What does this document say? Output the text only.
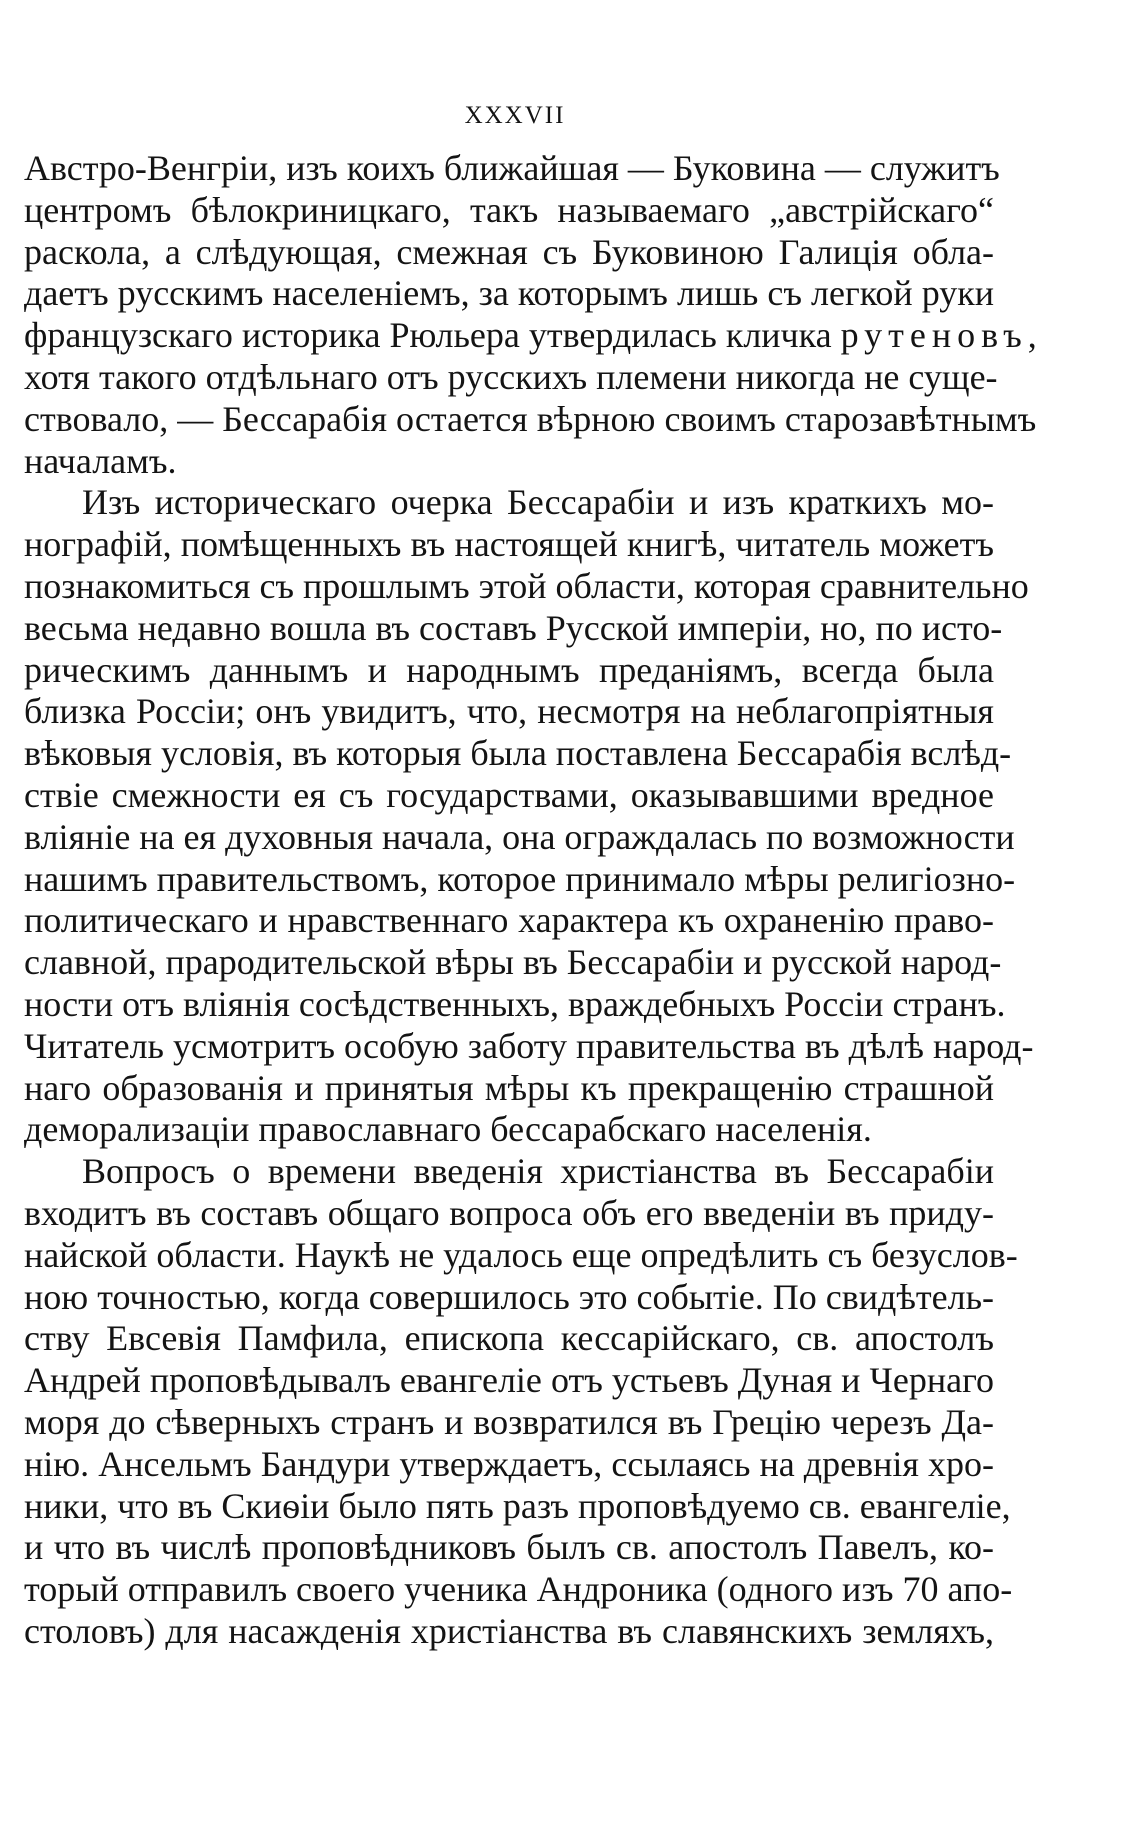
XXXVII
Австро-Венгріи, изъ коихъ ближайшая — Буковина — служитъ
центромъ бѣлокриницкаго, такъ называемаго „австрійскаго“
раскола, а слѣдующая, смежная съ Буковиною Галиція обла-
даетъ русскимъ населеніемъ, за которымъ лишь съ легкой руки
французскаго историка Рюльера утвердилась кличка рутеновъ,
хотя такого отдѣльнаго отъ русскихъ племени никогда не суще-
ствовало, — Бессарабія остается вѣрною своимъ старозавѣтнымъ
началамъ.
Изъ историческаго очерка Бессарабіи и изъ краткихъ мо-
нографій, помѣщенныхъ въ настоящей книгѣ, читатель можетъ
познакомиться съ прошлымъ этой области, которая сравнительно
весьма недавно вошла въ составъ Русской имперіи, но, по исто-
рическимъ даннымъ и народнымъ преданіямъ, всегда была
близка Россіи; онъ увидитъ, что, несмотря на неблагопріятныя
вѣковыя условія, въ которыя была поставлена Бессарабія вслѣд-
ствіе смежности ея съ государствами, оказывавшими вредное
вліяніе на ея духовныя начала, она ограждалась по возможности
нашимъ правительствомъ, которое принимало мѣры религіозно-
политическаго и нравственнаго характера къ охраненію право-
славной, прародительской вѣры въ Бессарабіи и русской народ-
ности отъ вліянія сосѣдственныхъ, враждебныхъ Россіи странъ.
Читатель усмотритъ особую заботу правительства въ дѣлѣ народ-
наго образованія и принятыя мѣры къ прекращенію страшной
деморализаціи православнаго бессарабскаго населенія.
Вопросъ о времени введенія христіанства въ Бессарабіи
входитъ въ составъ общаго вопроса объ его введеніи въ приду-
найской области. Наукѣ не удалось еще опредѣлить съ безуслов-
ною точностью, когда совершилось это событіе. По свидѣтель-
ству Евсевія Памфила, епископа кессарійскаго, св. апостолъ
Андрей проповѣдывалъ евангеліе отъ устьевъ Дуная и Чернаго
моря до сѣверныхъ странъ и возвратился въ Грецію черезъ Да-
нію. Ансельмъ Бандури утверждаетъ, ссылаясь на древнія хро-
ники, что въ Скиѳіи было пять разъ проповѣдуемо св. евангеліе,
и что въ числѣ проповѣдниковъ былъ св. апостолъ Павелъ, ко-
торый отправилъ своего ученика Андроника (одного изъ 70 апо-
столовъ) для насажденія христіанства въ славянскихъ земляхъ,
